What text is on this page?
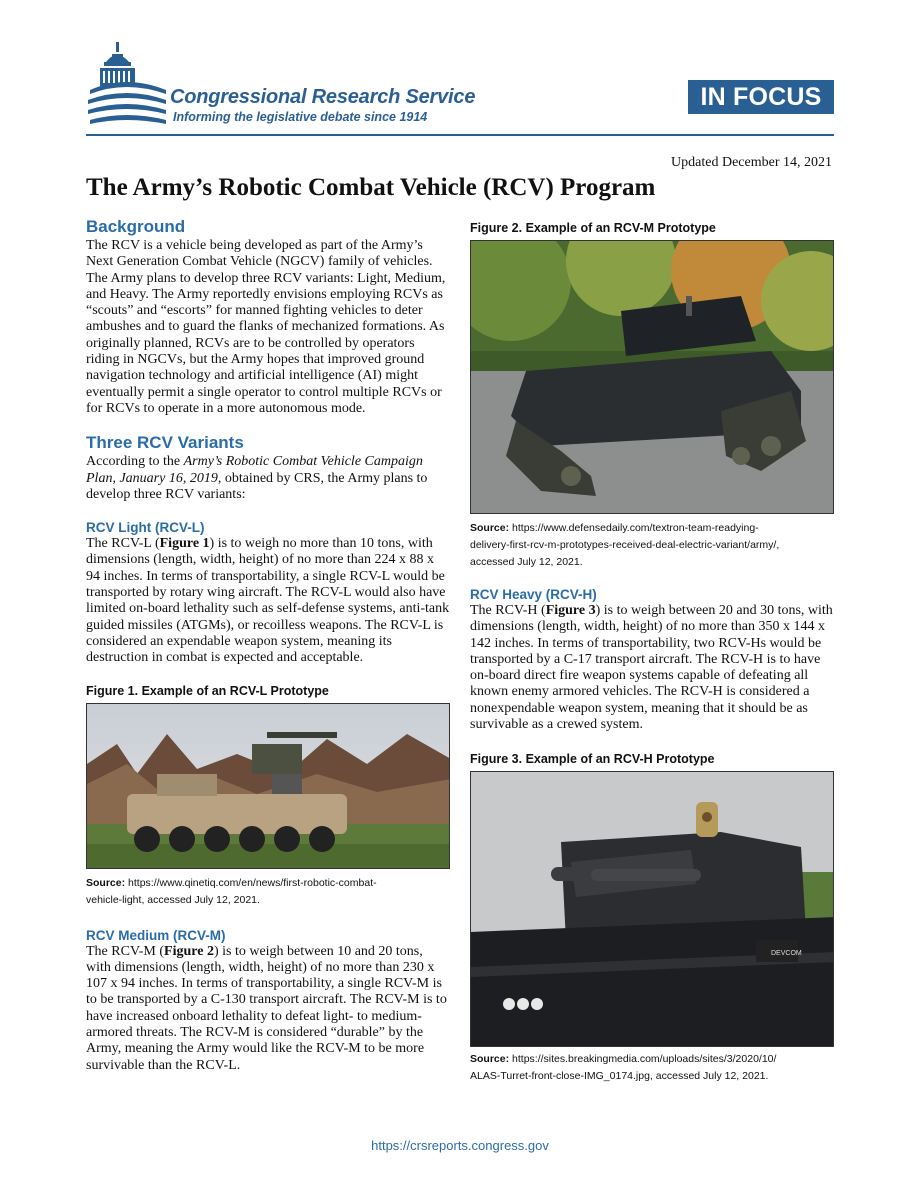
Congressional Research Service
Informing the legislative debate since 1914
IN FOCUS
Updated December 14, 2021
The Army’s Robotic Combat Vehicle (RCV) Program
Background

The RCV is a vehicle being developed as part of the Army’s Next Generation Combat Vehicle (NGCV) family of vehicles. The Army plans to develop three RCV variants: Light, Medium, and Heavy. The Army reportedly envisions employing RCVs as “scouts” and “escorts” for manned fighting vehicles to deter ambushes and to guard the flanks of mechanized formations. As originally planned, RCVs are to be controlled by operators riding in NGCVs, but the Army hopes that improved ground navigation technology and artificial intelligence (AI) might eventually permit a single operator to control multiple RCVs or for RCVs to operate in a more autonomous mode.

Three RCV Variants

According to the Army’s Robotic Combat Vehicle Campaign Plan, January 16, 2019, obtained by CRS, the Army plans to develop three RCV variants:

RCV Light (RCV-L)

The RCV-L (Figure 1) is to weigh no more than 10 tons, with dimensions (length, width, height) of no more than 224 x 88 x 94 inches. In terms of transportability, a single RCV-L would be transported by rotary wing aircraft. The RCV-L would also have limited on-board lethality such as self-defense systems, anti-tank guided missiles (ATGMs), or recoilless weapons. The RCV-L is considered an expendable weapon system, meaning its destruction in combat is expected and acceptable.

Figure 1. Example of an RCV-L Prototype
Source: https://www.qinetiq.com/en/news/first-robotic-combat-
vehicle-light, accessed July 12, 2021.
RCV Medium (RCV-M)

The RCV-M (Figure 2) is to weigh between 10 and 20 tons, with dimensions (length, width, height) of no more than 230 x 107 x 94 inches. In terms of transportability, a single RCV-M is to be transported by a C-130 transport aircraft. The RCV-M is to have increased onboard lethality to defeat light- to medium-armored threats. The RCV-M is considered “durable” by the Army, meaning the Army would like the RCV-M to be more survivable than the RCV-L.

Figure 2. Example of an RCV-M Prototype
Source: https://www.defensedaily.com/textron-team-readying-
delivery-first-rcv-m-prototypes-received-deal-electric-variant/army/,
accessed July 12, 2021.
RCV Heavy (RCV-H)

The RCV-H (Figure 3) is to weigh between 20 and 30 tons, with dimensions (length, width, height) of no more than 350 x 144 x 142 inches. In terms of transportability, two RCV-Hs would be transported by a C-17 transport aircraft. The RCV-H is to have on-board direct fire weapon systems capable of defeating all known enemy armored vehicles. The RCV-H is considered a nonexpendable weapon system, meaning that it should be as survivable as a crewed system.

Figure 3. Example of an RCV-H Prototype
DEVCOM
Source: https://sites.breakingmedia.com/uploads/sites/3/2020/10/
ALAS-Turret-front-close-IMG_0174.jpg, accessed July 12, 2021.
https://crsreports.congress.gov
